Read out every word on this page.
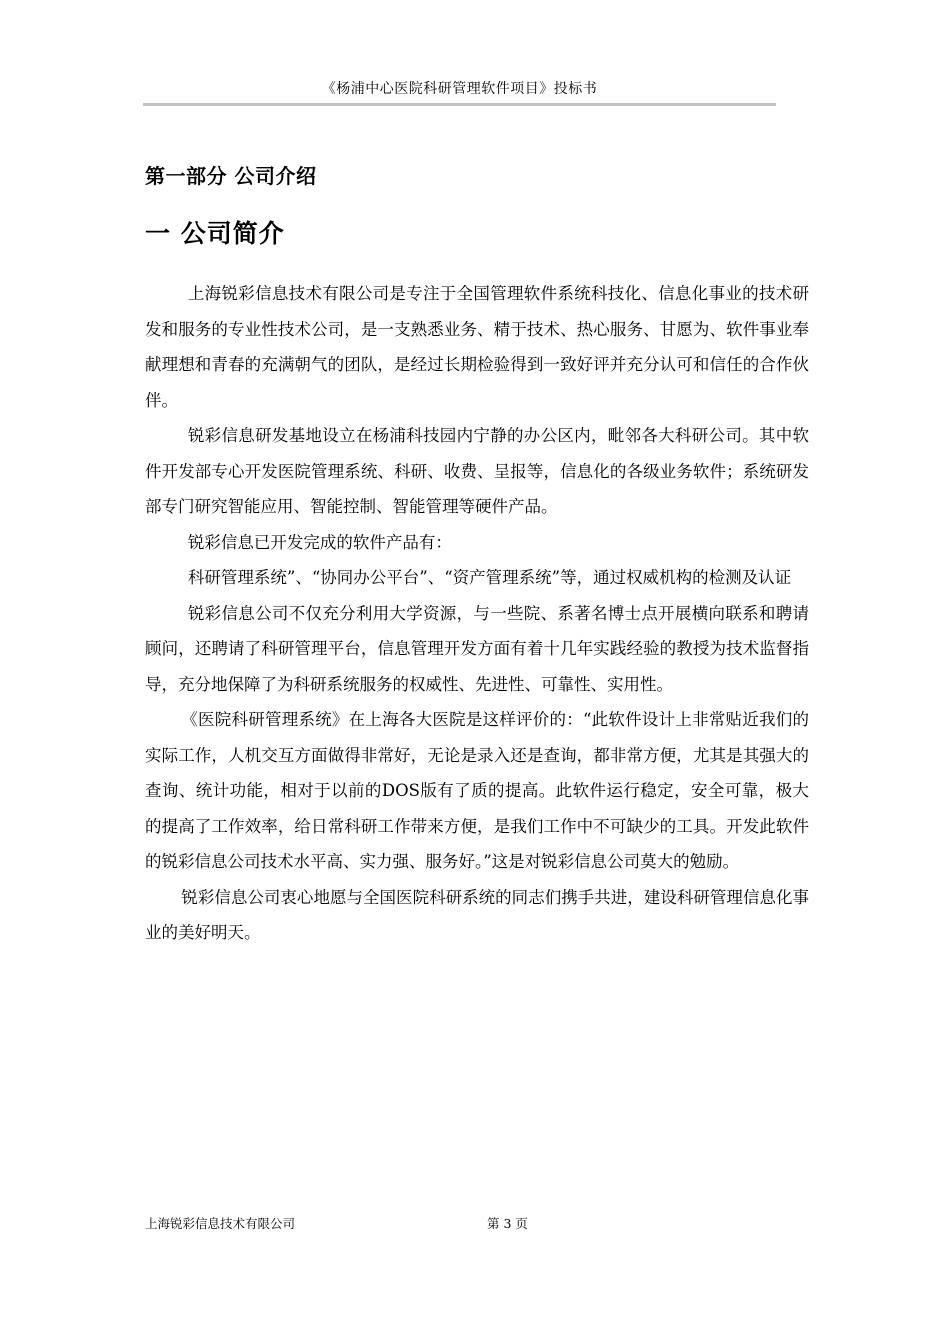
《杨浦中心医院科研管理软件项目》投标书
第一部分 公司介绍
一 公司简介

上海锐彩信息技术有限公司是专注于全国管理软件系统科技化、信息化事业的技术研发和服务的专业性技术公司，是一支熟悉业务、精于技术、热心服务、甘愿为、软件事业奉献理想和青春的充满朝气的团队，是经过长期检验得到一致好评并充分认可和信任的合作伙伴。

锐彩信息研发基地设立在杨浦科技园内宁静的办公区内，毗邻各大科研公司。其中软件开发部专心开发医院管理系统、科研、收费、呈报等，信息化的各级业务软件；系统研发部专门研究智能应用、智能控制、智能管理等硬件产品。

锐彩信息已开发完成的软件产品有：

科研管理系统”、“协同办公平台”、“资产管理系统”等，通过权威机构的检测及认证

锐彩信息公司不仅充分利用大学资源，与一些院、系著名博士点开展横向联系和聘请顾问，还聘请了科研管理平台，信息管理开发方面有着十几年实践经验的教授为技术监督指导，充分地保障了为科研系统服务的权威性、先进性、可靠性、实用性。

《医院科研管理系统》在上海各大医院是这样评价的：“此软件设计上非常贴近我们的实际工作，人机交互方面做得非常好，无论是录入还是查询，都非常方便，尤其是其强大的查询、统计功能，相对于以前的DOS版有了质的提高。此软件运行稳定，安全可靠，极大的提高了工作效率，给日常科研工作带来方便，是我们工作中不可缺少的工具。开发此软件的锐彩信息公司技术水平高、实力强、服务好。”这是对锐彩信息公司莫大的勉励。

锐彩信息公司衷心地愿与全国医院科研系统的同志们携手共进，建设科研管理信息化事业的美好明天。

上海锐彩信息技术有限公司	第 3 页
